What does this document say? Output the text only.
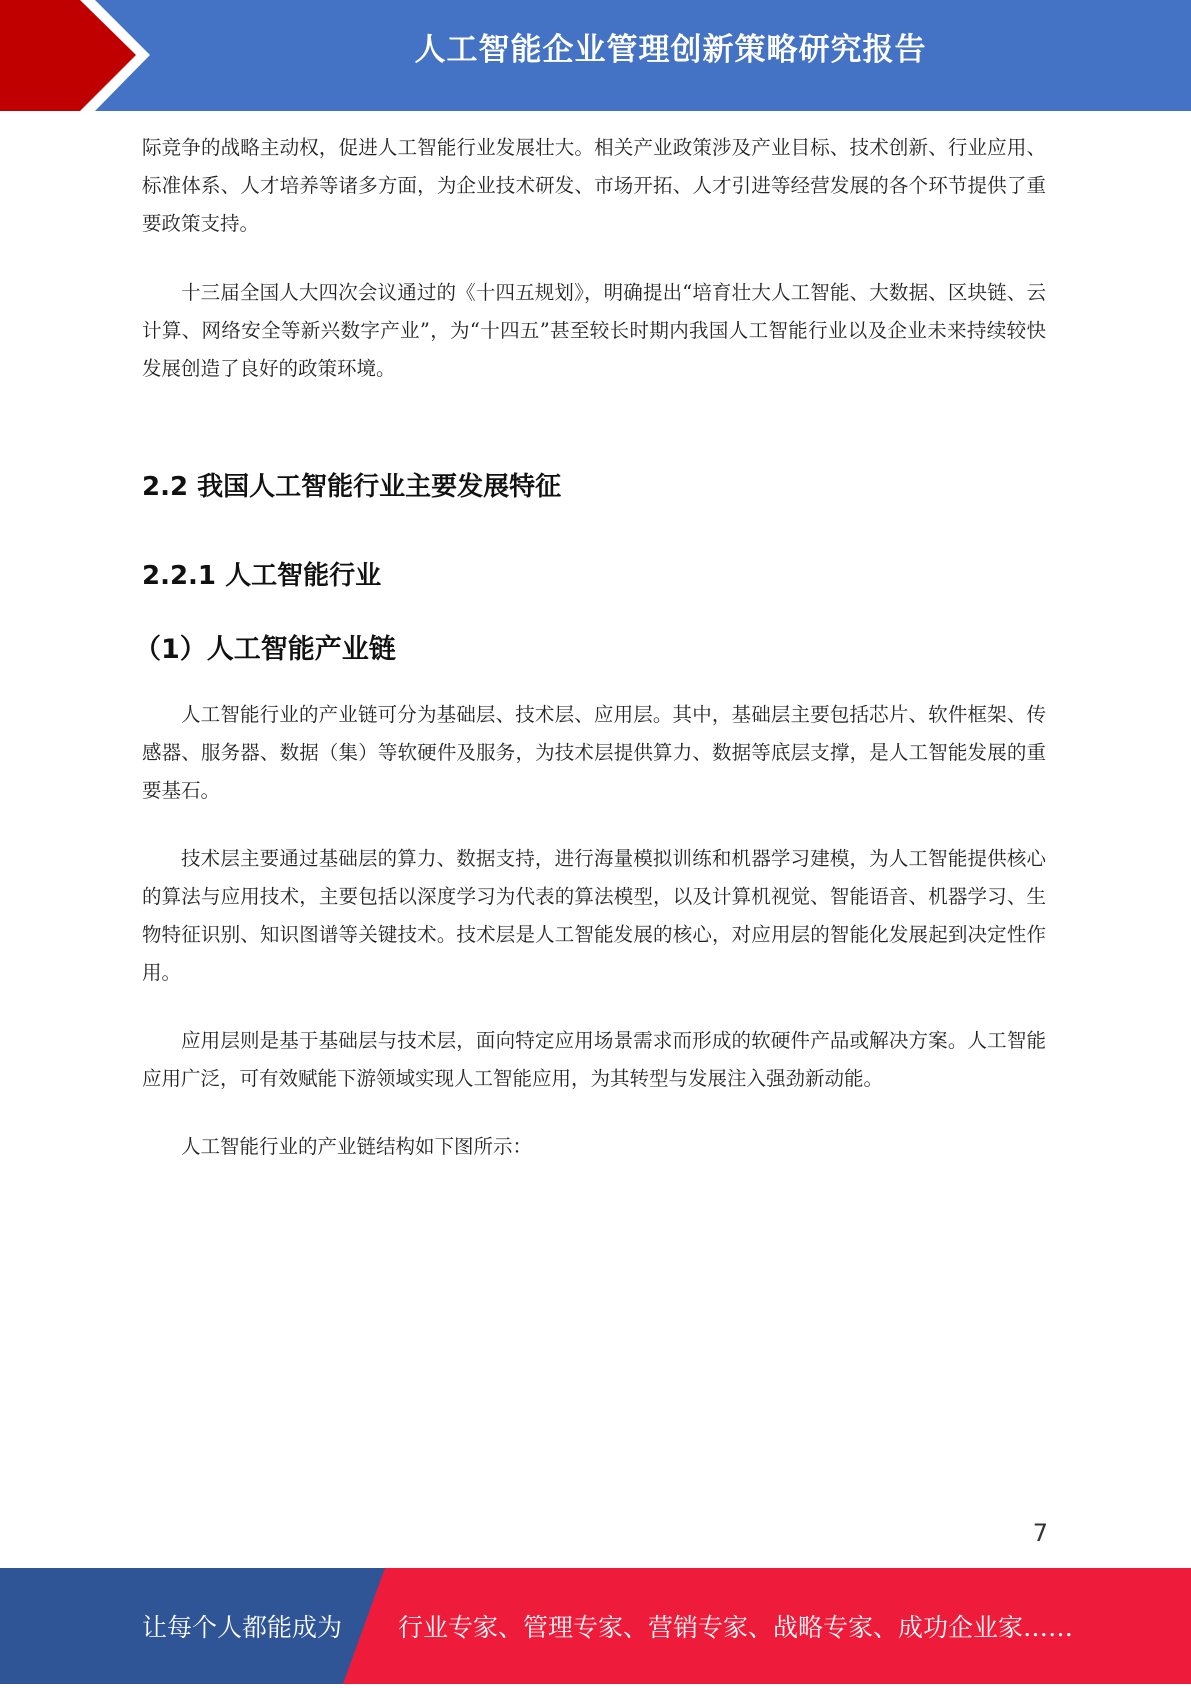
人工智能企业管理创新策略研究报告

际竞争的战略主动权，促进人工智能行业发展壮大。相关产业政策涉及产业目标、技术创新、行业应用、标准体系、人才培养等诸多方面，为企业技术研发、市场开拓、人才引进等经营发展的各个环节提供了重要政策支持。

十三届全国人大四次会议通过的《十四五规划》，明确提出“培育壮大人工智能、大数据、区块链、云计算、网络安全等新兴数字产业”，为“十四五”甚至较长时期内我国人工智能行业以及企业未来持续较快发展创造了良好的政策环境。

2.2 我国人工智能行业主要发展特征
2.2.1 人工智能行业
（1）人工智能产业链

人工智能行业的产业链可分为基础层、技术层、应用层。其中，基础层主要包括芯片、软件框架、传感器、服务器、数据（集）等软硬件及服务，为技术层提供算力、数据等底层支撑，是人工智能发展的重要基石。

技术层主要通过基础层的算力、数据支持，进行海量模拟训练和机器学习建模，为人工智能提供核心的算法与应用技术，主要包括以深度学习为代表的算法模型，以及计算机视觉、智能语音、机器学习、生物特征识别、知识图谱等关键技术。技术层是人工智能发展的核心，对应用层的智能化发展起到决定性作用。

应用层则是基于基础层与技术层，面向特定应用场景需求而形成的软硬件产品或解决方案。人工智能应用广泛，可有效赋能下游领域实现人工智能应用，为其转型与发展注入强劲新动能。

人工智能行业的产业链结构如下图所示：

7
让每个人都能成为 行业专家、管理专家、营销专家、战略专家、成功企业家……
